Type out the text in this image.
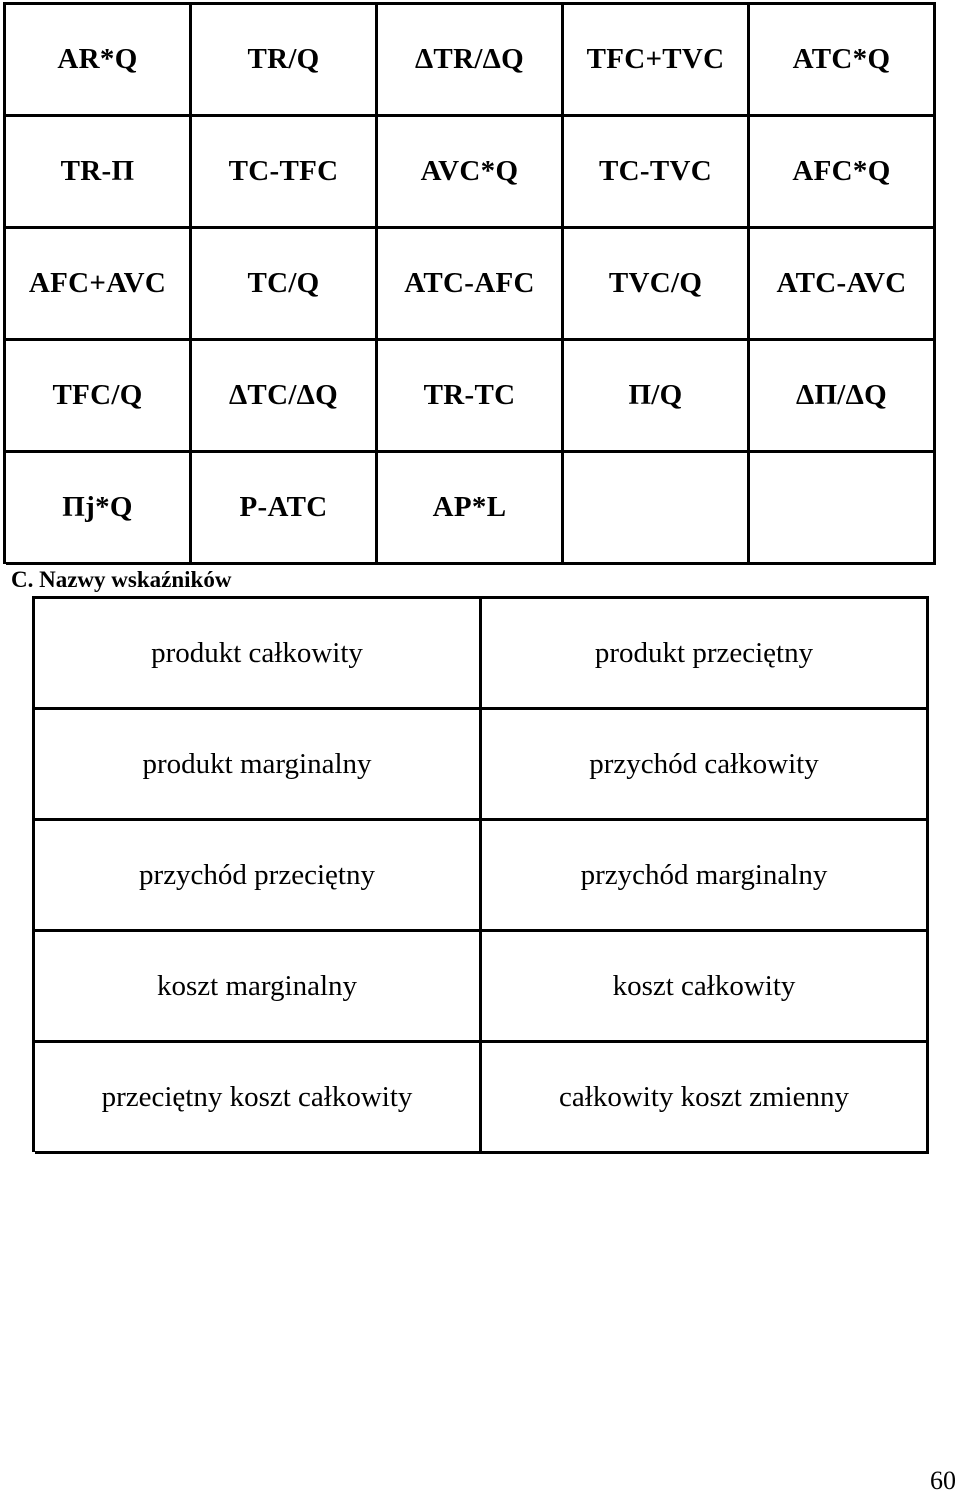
AR*Q	TR/Q	ΔTR/ΔQ	TFC+TVC	ATC*Q
TR-Π	TC-TFC	AVC*Q	TC-TVC	AFC*Q
AFC+AVC	TC/Q	ATC-AFC	TVC/Q	ATC-AVC
TFC/Q	ΔTC/ΔQ	TR-TC	Π/Q	ΔΠ/ΔQ
Πj*Q	P-ATC	AP*L
C. Nazwy wskaźników
produkt całkowity	produkt przeciętny
produkt marginalny	przychód całkowity
przychód przeciętny	przychód marginalny
koszt marginalny	koszt całkowity
przeciętny koszt całkowity	całkowity koszt zmienny
60
